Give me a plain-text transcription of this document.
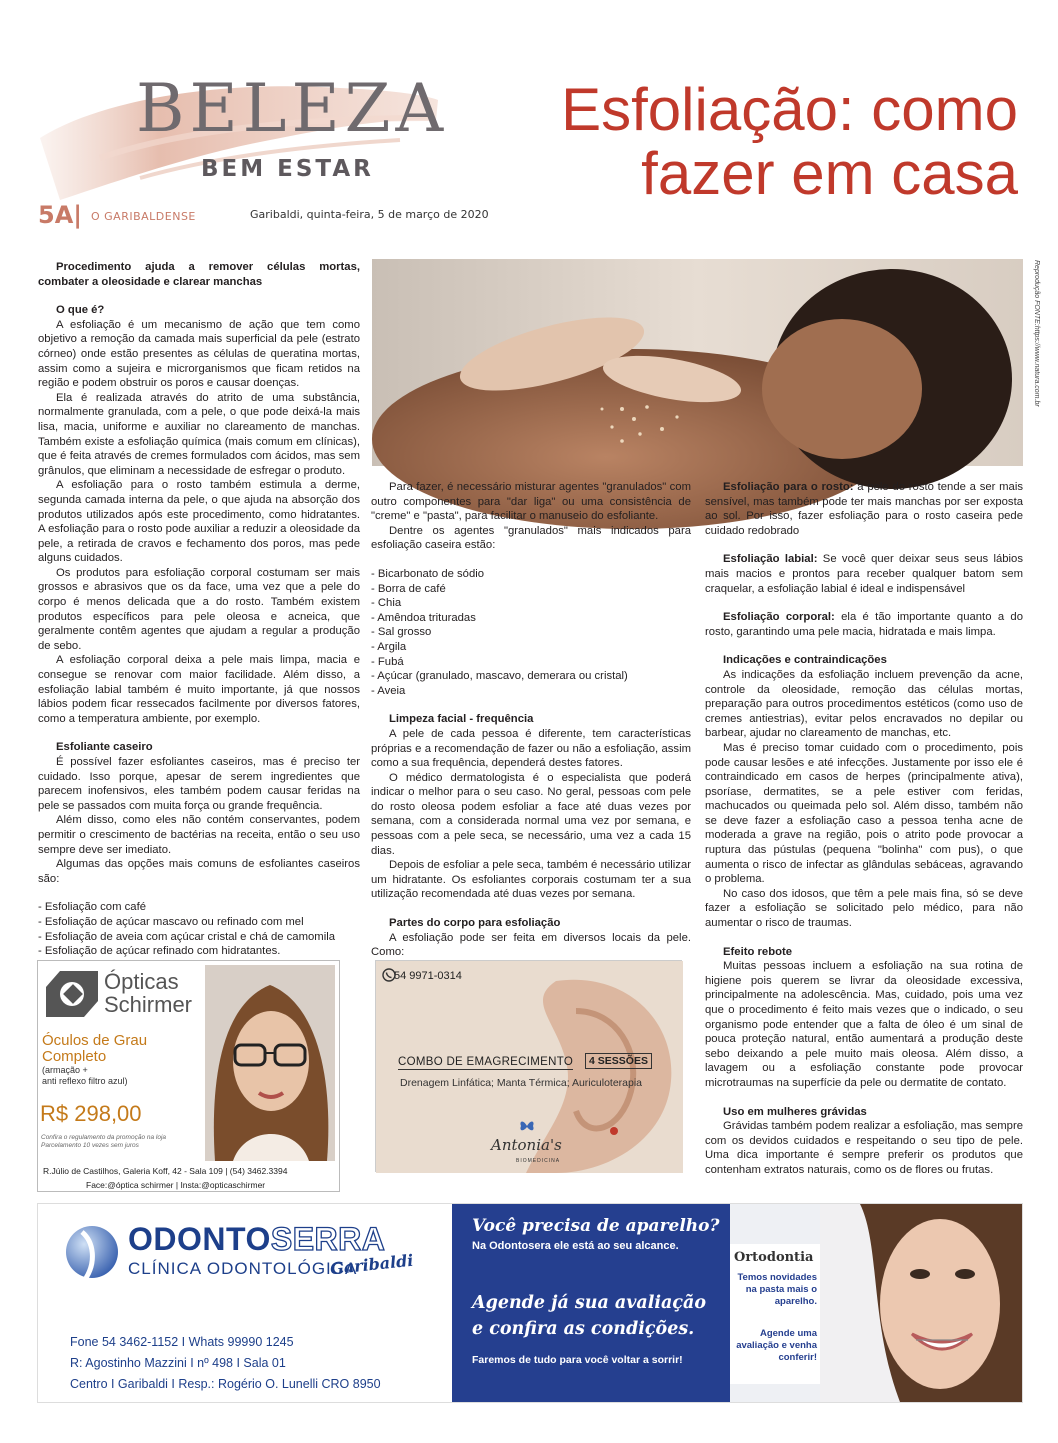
BELEZA
BEM ESTAR
5A| O GARIBALDENSE	Garibaldi, quinta-feira, 5 de março de 2020
Esfoliação: como
fazer em casa
Reprodução FONTE:https://www.natura.com.br
Procedimento ajuda a remover células mortas, combater a oleosidade e clarear manchas
O que é?

A esfoliação é um mecanismo de ação que tem como objetivo a remoção da camada mais superficial da pele (estrato córneo) onde estão presentes as células de queratina mortas, assim como a sujeira e microrganismos que ficam retidos na região e podem obstruir os poros e causar doenças.

Ela é realizada através do atrito de uma substância, normalmente granulada, com a pele, o que pode deixá-la mais lisa, macia, uniforme e auxiliar no clareamento de manchas. Também existe a esfoliação química (mais comum em clínicas), que é feita através de cremes formulados com ácidos, mas sem grânulos, que eliminam a necessidade de esfregar o produto.

A esfoliação para o rosto também estimula a derme, segunda camada interna da pele, o que ajuda na absorção dos produtos utilizados após este procedimento, como hidratantes. A esfoliação para o rosto pode auxiliar a reduzir a oleosidade da pele, a retirada de cravos e fechamento dos poros, mas pede alguns cuidados.

Os produtos para esfoliação corporal costumam ser mais grossos e abrasivos que os da face, uma vez que a pele do corpo é menos delicada que a do rosto. Também existem produtos específicos para pele oleosa e acneica, que geralmente contêm agentes que ajudam a regular a produção de sebo.

A esfoliação corporal deixa a pele mais limpa, macia e consegue se renovar com maior facilidade. Além disso, a esfoliação labial também é muito importante, já que nossos lábios podem ficar ressecados facilmente por diversos fatores, como a temperatura ambiente, por exemplo.

Esfoliante caseiro

É possível fazer esfoliantes caseiros, mas é preciso ter cuidado. Isso porque, apesar de serem ingredientes que parecem inofensivos, eles também podem causar feridas na pele se passados com muita força ou grande frequência.

Além disso, como eles não contém conservantes, podem permitir o crescimento de bactérias na receita, então o seu uso sempre deve ser imediato.

Algumas das opções mais comuns de esfoliantes caseiros são:

- Esfoliação com café
- Esfoliação de açúcar mascavo ou refinado com mel
- Esfoliação de aveia com açúcar cristal e chá de camomila
- Esfoliação de açúcar refinado com hidratantes.

Para fazer, é necessário misturar agentes "granulados" com outro componentes para "dar liga" ou uma consistência de "creme" e "pasta", para facilitar o manuseio do esfoliante.

Dentre os agentes "granulados" mais indicados para esfoliação caseira estão:

- Bicarbonato de sódio
- Borra de café
- Chia
- Amêndoa trituradas
- Sal grosso
- Argila
- Fubá
- Açúcar (granulado, mascavo, demerara ou cristal)
- Aveia
Limpeza facial - frequência

A pele de cada pessoa é diferente, tem características próprias e a recomendação de fazer ou não a esfoliação, assim como a sua frequência, dependerá destes fatores.

O médico dermatologista é o especialista que poderá indicar o melhor para o seu caso. No geral, pessoas com pele do rosto oleosa podem esfoliar a face até duas vezes por semana, com a considerada normal uma vez por semana, e pessoas com a pele seca, se necessário, uma vez a cada 15 dias.

Depois de esfoliar a pele seca, também é necessário utilizar um hidratante. Os esfoliantes corporais costumam ter a sua utilização recomendada até duas vezes por semana.

Partes do corpo para esfoliação

A esfoliação pode ser feita em diversos locais da pele. Como:

Esfoliação para o rosto: a pele do rosto tende a ser mais sensível, mas também pode ter mais manchas por ser exposta ao sol. Por isso, fazer esfoliação para o rosto caseira pede cuidado redobrado

Esfoliação labial: Se você quer deixar seus seus lábios mais macios e prontos para receber qualquer batom sem craquelar, a esfoliação labial é ideal e indispensável

Esfoliação corporal: ela é tão importante quanto a do rosto, garantindo uma pele macia, hidratada e mais limpa.

Indicações e contraindicações

As indicações da esfoliação incluem prevenção da acne, controle da oleosidade, remoção das células mortas, preparação para outros procedimentos estéticos (como uso de cremes antiestrias), evitar pelos encravados no depilar ou barbear, ajudar no clareamento de manchas, etc.

Mas é preciso tomar cuidado com o procedimento, pois pode causar lesões e até infecções. Justamente por isso ele é contraindicado em casos de herpes (principalmente ativa), psoríase, dermatites, se a pele estiver com feridas, machucados ou queimada pelo sol. Além disso, também não se deve fazer a esfoliação caso a pessoa tenha acne de moderada a grave na região, pois o atrito pode provocar a ruptura das pústulas (pequena "bolinha" com pus), o que aumenta o risco de infectar as glândulas sebáceas, agravando o problema.

No caso dos idosos, que têm a pele mais fina, só se deve fazer a esfoliação se solicitado pelo médico, para não aumentar o risco de traumas.

Efeito rebote

Muitas pessoas incluem a esfoliação na sua rotina de higiene pois querem se livrar da oleosidade excessiva, principalmente na adolescência. Mas, cuidado, pois uma vez que o procedimento é feito mais vezes que o indicado, o seu organismo pode entender que a falta de óleo é um sinal de pouca proteção natural, então aumentará a produção deste sebo deixando a pele muito mais oleosa. Além disso, a lavagem ou a esfoliação constante pode provocar microtraumas na superfície da pele ou dermatite de contato.

Uso em mulheres grávidas

Grávidas também podem realizar a esfoliação, mas sempre com os devidos cuidados e respeitando o seu tipo de pele. Uma dica importante é sempre preferir os produtos que contenham extratos naturais, como os de flores ou frutas.

Ópticas
Schirmer
Óculos de Grau
Completo
(armação +
anti reflexo filtro azul)
R$ 298,00
Confira o regulamento da promoção na loja
Parcelamento 10 vezes sem juros
R.Júlio de Castilhos, Galeria Koff, 42 - Sala 109 | (54) 3462.3394
Face:@óptica schirmer | Insta:@opticaschirmer
54 9971-0314
COMBO DE EMAGRECIMENTO	4 SESSÕES
Drenagem Linfática; Manta Térmica; Auriculoterapia
Antonia's
BIOMEDICINA
ODONTOSERRA
CLÍNICA ODONTOLÓGICA
Garibaldi
Fone 54 3462-1152 I Whats 99990 1245
R: Agostinho Mazzini I nº 498 I Sala 01
Centro I Garibaldi I Resp.: Rogério O. Lunelli CRO 8950
Você precisa de aparelho?
Na Odontosera ele está ao seu alcance.
Agende já sua avaliação e confira as condições.
Faremos de tudo para você voltar a sorrir!
Ortodontia
Temos novidades na pasta mais o aparelho.
Agende uma avaliação e venha conferir!
